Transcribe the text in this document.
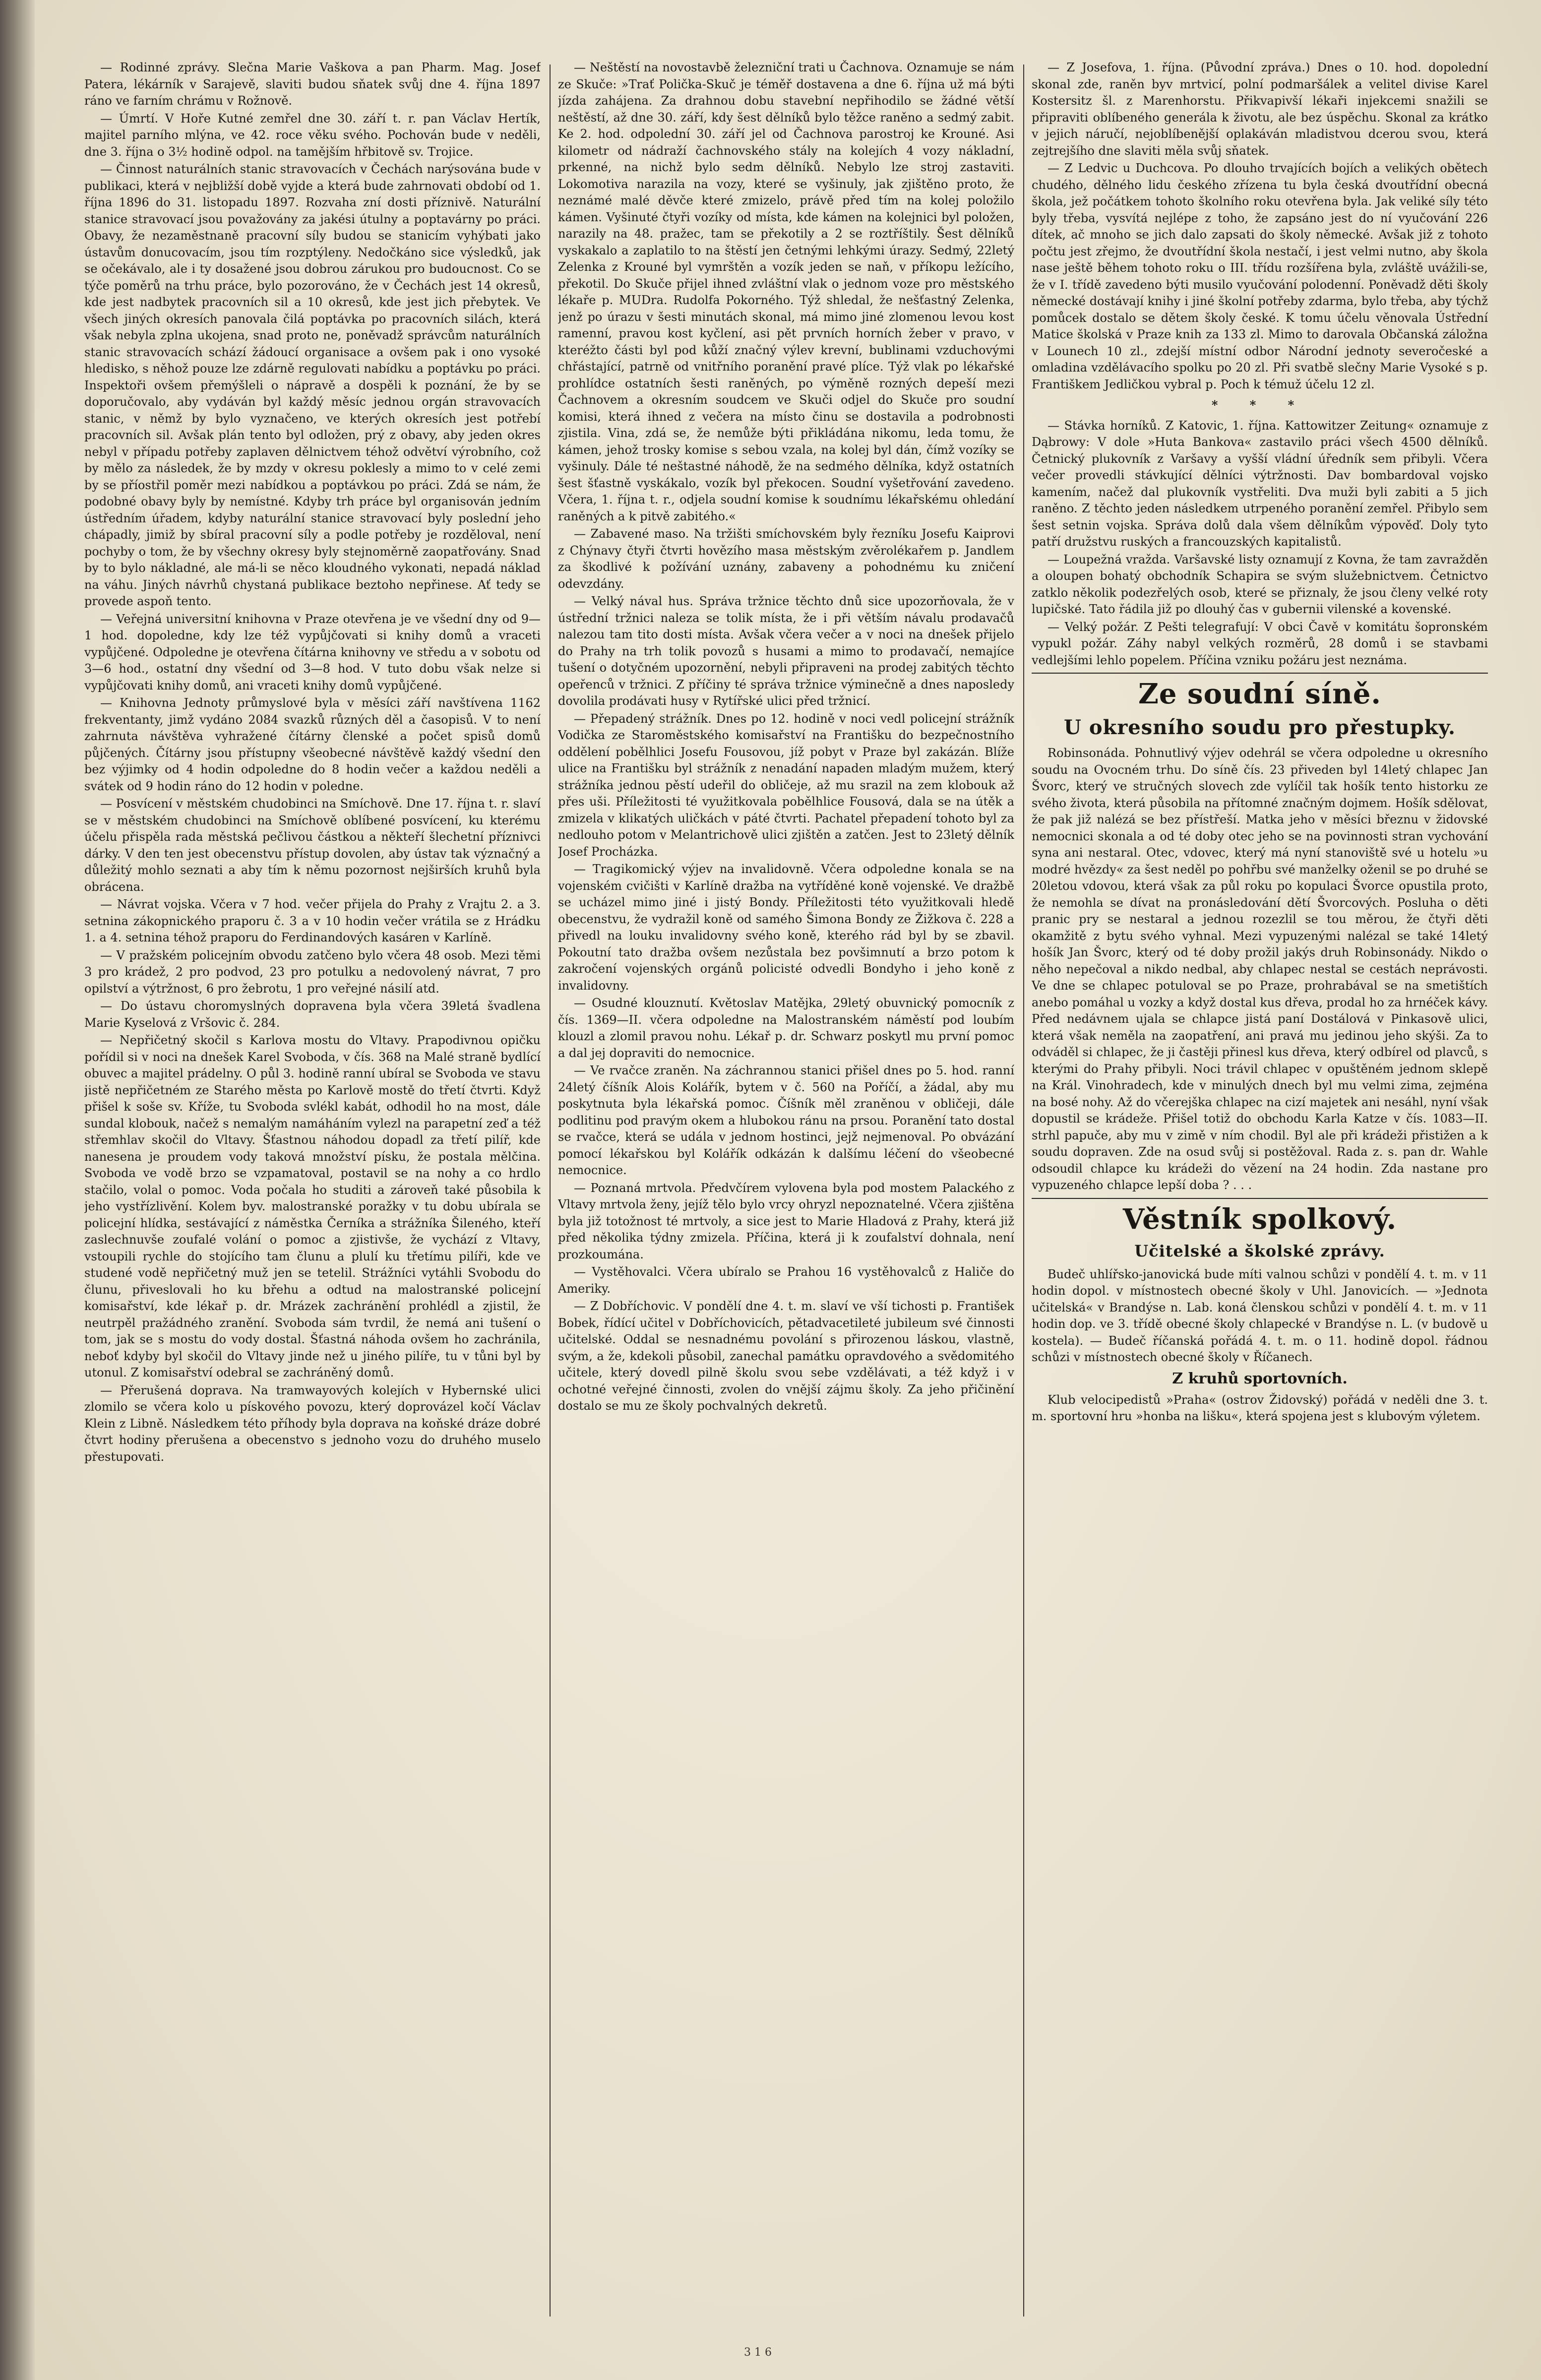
— Rodinné zprávy. Slečna Marie Vaškova a pan Pharm. Mag. Josef Patera, lékárník v Sarajevě, slaviti budou sňatek svůj dne 4. října 1897 ráno ve farním chrámu v Rožnově.

— Úmrtí. V Hoře Kutné zemřel dne 30. září t. r. pan Václav Hertík, majitel parního mlýna, ve 42. roce věku svého. Pochován bude v neděli, dne 3. října o 3½ hodině odpol. na tamějším hřbitově sv. Trojice.

— Činnost naturálních stanic stravovacích v Čechách narýsována bude v publikaci, která v nejbližší době vyjde a která bude zahrnovati období od 1. října 1896 do 31. listopadu 1897. Rozvaha zní dosti příznivě. Naturální stanice stravovací jsou považovány za jakési útulny a poptavárny po práci. Obavy, že nezaměstnaně pracovní síly budou se stanicím vyhýbati jako ústavům donucovacím, jsou tím rozptýleny. Nedočkáno sice výsledků, jak se očekávalo, ale i ty dosažené jsou dobrou zárukou pro budoucnost. Co se týče poměrů na trhu práce, bylo pozorováno, že v Čechách jest 14 okresů, kde jest nadbytek pracovních sil a 10 okresů, kde jest jich přebytek. Ve všech jiných okresích panovala čilá poptávka po pracovních silách, která však nebyla zplna ukojena, snad proto ne, poněvadž správcům naturálních stanic stravovacích schází žádoucí organisace a ovšem pak i ono vysoké hledisko, s něhož pouze lze zdárně regulovati nabídku a poptávku po práci. Inspektoři ovšem přemýšleli o nápravě a dospěli k poznání, že by se doporučovalo, aby vydáván byl každý měsíc jednou orgán stravovacích stanic, v němž by bylo vyznačeno, ve kterých okresích jest potřebí pracovních sil. Avšak plán tento byl odložen, prý z obavy, aby jeden okres nebyl v případu potřeby zaplaven dělnictvem téhož odvětví výrobního, což by mělo za následek, že by mzdy v okresu poklesly a mimo to v celé zemi by se příostřil poměr mezi nabídkou a poptávkou po práci. Zdá se nám, že podobné obavy byly by nemístné. Kdyby trh práce byl organisován jedním ústředním úřadem, kdyby naturální stanice stravovací byly poslední jeho chápadly, jimiž by sbíral pracovní síly a podle potřeby je rozděloval, není pochyby o tom, že by všechny okresy byly stejnoměrně zaopatřovány. Snad by to bylo nákladné, ale má-li se něco kloudného vykonati, nepadá náklad na váhu. Jiných návrhů chystaná publikace beztoho nepřinese. Ať tedy se provede aspoň tento.

— Veřejná universitní knihovna v Praze otevřena je ve všední dny od 9—1 hod. dopoledne, kdy lze též vypůjčovati si knihy domů a vraceti vypůjčené. Odpoledne je otevřena čítárna knihovny ve středu a v sobotu od 3—6 hod., ostatní dny všední od 3—8 hod. V tuto dobu však nelze si vypůjčovati knihy domů, ani vraceti knihy domů vypůjčené.

— Knihovna Jednoty průmyslové byla v měsíci září navštívena 1162 frekventanty, jimž vydáno 2084 svazků různých děl a časopisů. V to není zahrnuta návštěva vyhražené čítárny členské a počet spisů domů půjčených. Čítárny jsou přístupny všeobecné návštěvě každý všední den bez výjimky od 4 hodin odpoledne do 8 hodin večer a každou neděli a svátek od 9 hodin ráno do 12 hodin v poledne.

— Posvícení v městském chudobinci na Smíchově. Dne 17. října t. r. slaví se v městském chudobinci na Smíchově oblíbené posvícení, ku kterému účelu přispěla rada městská pečlivou částkou a někteří šlechetní příznivci dárky. V den ten jest obecenstvu přístup dovolen, aby ústav tak význačný a důležitý mohlo seznati a aby tím k němu pozornost nejširších kruhů byla obrácena.

— Návrat vojska. Včera v 7 hod. večer přijela do Prahy z Vrajtu 2. a 3. setnina zákopnického praporu č. 3 a v 10 hodin večer vrátila se z Hrádku 1. a 4. setnina téhož praporu do Ferdinandových kasáren v Karlíně.

— V pražském policejním obvodu zatčeno bylo včera 48 osob. Mezi těmi 3 pro krádež, 2 pro podvod, 23 pro potulku a nedovolený návrat, 7 pro opilství a výtržnost, 6 pro žebrotu, 1 pro veřejné násilí atd.

— Do ústavu choromyslných dopravena byla včera 39letá švadlena Marie Kyselová z Vršovic č. 284.

— Nepřičetný skočil s Karlova mostu do Vltavy. Prapodivnou opičku pořídil si v noci na dnešek Karel Svoboda, v čís. 368 na Malé straně bydlící obuvec a majitel prádelny. O půl 3. hodině ranní ubíral se Svoboda ve stavu jistě nepřičetném ze Starého města po Karlově mostě do třetí čtvrti. Když přišel k soše sv. Kříže, tu Svoboda svlékl kabát, odhodil ho na most, dále sundal klobouk, načež s nemalým namáháním vylezl na parapetní zeď a též střemhlav skočil do Vltavy. Šťastnou náhodou dopadl za třetí pilíř, kde nanesena je proudem vody taková množství písku, že postala mělčina. Svoboda ve vodě brzo se vzpamatoval, postavil se na nohy a co hrdlo stačilo, volal o pomoc. Voda počala ho studiti a zároveň také působila k jeho vystřízlivění. Kolem byv. malostranské poražky v tu dobu ubírala se policejní hlídka, sestávající z náměstka Černíka a strážníka Šileného, kteří zaslechnuvše zoufalé volání o pomoc a zjistivše, že vychází z Vltavy, vstoupili rychle do stojícího tam člunu a plulí ku třetímu pilíři, kde ve studené vodě nepřičetný muž jen se tetelil. Strážníci vytáhli Svobodu do člunu, přiveslovali ho ku břehu a odtud na malostranské policejní komisařství, kde lékař p. dr. Mrázek zachránění prohlédl a zjistil, že neutrpěl pražádného zranění. Svoboda sám tvrdil, že nemá ani tušení o tom, jak se s mostu do vody dostal. Šťastná náhoda ovšem ho zachránila, neboť kdyby byl skočil do Vltavy jinde než u jiného pilíře, tu v tůni byl by utonul. Z komisařství odebral se zachráněný domů.

— Přerušená doprava. Na tramwayových kolejích v Hybernské ulici zlomilo se včera kolo u pískového povozu, který doprovázel kočí Václav Klein z Libně. Následkem této příhody byla doprava na koňské dráze dobré čtvrt hodiny přerušena a obecenstvo s jednoho vozu do druhého muselo přestupovati.

— Neštěstí na novostavbě železniční trati u Čachnova. Oznamuje se nám ze Skuče: »Trať Polička-Skuč je téměř dostavena a dne 6. října už má býti jízda zahájena. Za drahnou dobu stavební nepřihodilo se žádné větší neštěstí, až dne 30. září, kdy šest dělníků bylo těžce raněno a sedmý zabit. Ke 2. hod. odpolední 30. září jel od Čachnova parostroj ke Krouné. Asi kilometr od nádraží čachnovského stály na kolejích 4 vozy nákladní, prkenné, na nichž bylo sedm dělníků. Nebylo lze stroj zastaviti. Lokomotiva narazila na vozy, které se vyšinuly, jak zjištěno proto, že neznámé malé děvče které zmizelo, právě před tím na kolej položilo kámen. Vyšinuté čtyři vozíky od místa, kde kámen na kolejnici byl položen, narazily na 48. pražec, tam se překotily a 2 se roztříštily. Šest dělníků vyskakalo a zaplatilo to na štěstí jen četnými lehkými úrazy. Sedmý, 22letý Zelenka z Krouné byl vymrštěn a vozík jeden se naň, v příkopu ležícího, překotil. Do Skuče přijel ihned zvláštní vlak o jednom voze pro městského lékaře p. MUDra. Rudolfa Pokorného. Týž shledal, že nešťastný Zelenka, jenž po úrazu v šesti minutách skonal, má mimo jiné zlomenou levou kost ramenní, pravou kost kyčlení, asi pět prvních horních žeber v pravo, v kteréžto části byl pod kůží značný výlev krevní, bublinami vzduchovými chřástající, patrně od vnitřního poranění pravé plíce. Týž vlak po lékařské prohlídce ostatních šesti raněných, po výměně rozných depeší mezi Čachnovem a okresním soudcem ve Skuči odjel do Skuče pro soudní komisi, která ihned z večera na místo činu se dostavila a podrobnosti zjistila. Vina, zdá se, že nemůže býti přikládána nikomu, leda tomu, že kámen, jehož trosky komise s sebou vzala, na kolej byl dán, čímž vozíky se vyšinuly. Dále té neštastné náhodě, že na sedmého dělníka, když ostatních šest šťastně vyskákalo, vozík byl překocen. Soudní vyšetřování zavedeno. Včera, 1. října t. r., odjela soudní komise k soudnímu lékařskému ohledání raněných a k pitvě zabitého.«

— Zabavené maso. Na tržišti smíchovském byly řezníku Josefu Kaiprovi z Chýnavy čtyři čtvrti hovězího masa městským zvěrolékařem p. Jandlem za škodlivé k požívání uznány, zabaveny a pohodnému ku zničení odevzdány.

— Velký nával hus. Správa tržnice těchto dnů sice upozorňovala, že v ústřední tržnici naleza se tolik místa, že i při větším návalu prodavačů nalezou tam tito dosti místa. Avšak včera večer a v noci na dnešek přijelo do Prahy na trh tolik povozů s husami a mimo to prodavačí, nemajíce tušení o dotyčném upozornění, nebyli připraveni na prodej zabitých těchto opeřenců v tržnici. Z příčiny té správa tržnice výminečně a dnes naposledy dovolila prodávati husy v Rytířské ulici před tržnicí.

— Přepadený strážník. Dnes po 12. hodině v noci vedl policejní strážník Vodička ze Staroměstského komisařství na Františku do bezpečnostního oddělení pobělhlici Josefu Fousovou, jíž pobyt v Praze byl zakázán. Blíže ulice na Františku byl strážník z nenadání napaden mladým mužem, který strážníka jednou pěstí udeřil do obličeje, až mu srazil na zem klobouk až přes uši. Příležitosti té využitkovala pobělhlice Fousová, dala se na útěk a zmizela v klikatých uličkách v páté čtvrti. Pachatel přepadení tohoto byl za nedlouho potom v Melantrichově ulici zjištěn a zatčen. Jest to 23letý dělník Josef Procházka.

— Tragikomický výjev na invalidovně. Včera odpoledne konala se na vojenském cvičišti v Karlíně dražba na vytříděné koně vojenské. Ve dražbě se ucházel mimo jiné i jistý Bondy. Příležitosti této využitkovali hledě obecenstvu, že vydražil koně od samého Šimona Bondy ze Žižkova č. 228 a přivedl na louku invalidovny svého koně, kterého rád byl by se zbavil. Pokoutní tato dražba ovšem nezůstala bez povšimnutí a brzo potom k zakročení vojenských orgánů policisté odvedli Bondyho i jeho koně z invalidovny.

— Osudné klouznutí. Květoslav Matějka, 29letý obuvnický pomocník z čís. 1369—II. včera odpoledne na Malostranském náměstí pod loubím klouzl a zlomil pravou nohu. Lékař p. dr. Schwarz poskytl mu první pomoc a dal jej dopraviti do nemocnice.

— Ve rvačce zraněn. Na záchrannou stanici přišel dnes po 5. hod. ranní 24letý číšník Alois Kolářík, bytem v č. 560 na Poříčí, a žádal, aby mu poskytnuta byla lékařská pomoc. Číšník měl zraněnou v obličeji, dále podlitinu pod pravým okem a hlubokou ránu na prsou. Poranění tato dostal se rvačce, která se udála v jednom hostinci, jejž nejmenoval. Po obvázání pomocí lékařskou byl Kolářík odkázán k dalšímu léčení do všeobecné nemocnice.

— Poznaná mrtvola. Předvčírem vylovena byla pod mostem Palackého z Vltavy mrtvola ženy, jejíž tělo bylo vrcy ohryzl nepoznatelné. Včera zjištěna byla již totožnost té mrtvoly, a sice jest to Marie Hladová z Prahy, která již před několika týdny zmizela. Příčina, která ji k zoufalství dohnala, není prozkoumána.

— Vystěhovalci. Včera ubíralo se Prahou 16 vystěhovalců z Haliče do Ameriky.

— Z Dobříchovic. V pondělí dne 4. t. m. slaví ve vší tichosti p. František Bobek, řídící učitel v Dobříchovicích, pětadvacetileté jubileum své činnosti učitelské. Oddal se nesnadnému povolání s přirozenou láskou, vlastně, svým, a že, kdekoli působil, zanechal památku opravdového a svědomitého učitele, který dovedl pilně školu svou sebe vzdělávati, a též když i v ochotné veřejné činnosti, zvolen do vnější zájmu školy. Za jeho přičinění dostalo se mu ze školy pochvalných dekretů.

— Z Josefova, 1. října. (Původní zpráva.) Dnes o 10. hod. dopolední skonal zde, raněn byv mrtvicí, polní podmaršálek a velitel divise Karel Kostersitz šl. z Marenhorstu. Přikvapivší lékaři injekcemi snažili se připraviti oblíbeného generála k životu, ale bez úspěchu. Skonal za krátko v jejich náručí, nejoblíbenější oplakáván mladistvou dcerou svou, která zejtrejšího dne slaviti měla svůj sňatek.

— Z Ledvic u Duchcova. Po dlouho trvajících bojích a velikých obětech chudého, dělného lidu českého zřízena tu byla česká dvoutřídní obecná škola, jež počátkem tohoto školního roku otevřena byla. Jak veliké síly této byly třeba, vysvítá nejlépe z toho, že zapsáno jest do ní vyučování 226 dítek, ač mnoho se jich dalo zapsati do školy německé. Avšak již z tohoto počtu jest zřejmo, že dvoutřídní škola nestačí, i jest velmi nutno, aby škola nase ještě během tohoto roku o III. třídu rozšířena byla, zvláště uvážili-se, že v I. třídě zavedeno býti musilo vyučování polodenní. Poněvadž děti školy německé dostávají knihy i jiné školní potřeby zdarma, bylo třeba, aby týchž pomůcek dostalo se dětem školy české. K tomu účelu věnovala Ústřední Matice školská v Praze knih za 133 zl. Mimo to darovala Občanská záložna v Lounech 10 zl., zdejší místní odbor Národní jednoty severočeské a omladina vzdělávacího spolku po 20 zl. Při svatbě slečny Marie Vysoké s p. Františkem Jedličkou vybral p. Poch k témuž účelu 12 zl.

* * *

— Stávka horníků. Z Katovic, 1. října. Kattowitzer Zeitung« oznamuje z Dąbrowy: V dole »Huta Bankova« zastavilo práci všech 4500 dělníků. Četnický plukovník z Varšavy a vyšší vládní úředník sem přibyli. Včera večer provedli stávkující dělníci výtržnosti. Dav bombardoval vojsko kamením, načež dal plukovník vystřeliti. Dva muži byli zabiti a 5 jich raněno. Z těchto jeden následkem utrpeného poranění zemřel. Přibylo sem šest setnin vojska. Správa dolů dala všem dělníkům výpověď. Doly tyto patří družstvu ruských a francouzských kapitalistů.

— Loupežná vražda. Varšavské listy oznamují z Kovna, že tam zavražděn a oloupen bohatý obchodník Schapira se svým služebnictvem. Četnictvo zatklo několik podezřelých osob, které se přiznaly, že jsou členy velké roty lupičské. Tato řádila již po dlouhý čas v gubernii vilenské a kovenské.

— Velký požár. Z Pešti telegrafují: V obci Čavě v komitátu šopronském vypukl požár. Záhy nabyl velkých rozměrů, 28 domů i se stavbami vedlejšími lehlo popelem. Příčina vzniku požáru jest neznáma.

Ze soudní síně.
U okresního soudu pro přestupky.

Robinsonáda. Pohnutlivý výjev odehrál se včera odpoledne u okresního soudu na Ovocném trhu. Do síně čís. 23 přiveden byl 14letý chlapec Jan Švorc, který ve stručných slovech zde vylíčil tak hošík tento historku ze svého života, která působila na přítomné značným dojmem. Hošík sdělovat, že pak již nalézá se bez přístřeší. Matka jeho v měsíci březnu v židovské nemocnici skonala a od té doby otec jeho se na povinnosti stran vychování syna ani nestaral. Otec, vdovec, který má nyní stanoviště své u hotelu »u modré hvězdy« za šest neděl po pohřbu své manželky oženil se po druhé se 20letou vdovou, která však za půl roku po kopulaci Švorce opustila proto, že nemohla se dívat na pronásledování dětí Švorcových. Posluha o děti pranic pry se nestaral a jednou rozezlil se tou měrou, že čtyři děti okamžitě z bytu svého vyhnal. Mezi vypuzenými nalézal se také 14letý hošík Jan Švorc, který od té doby prožil jakýs druh Robinsonády. Nikdo o něho nepečoval a nikdo nedbal, aby chlapec nestal se cestách neprávosti. Ve dne se chlapec potuloval se po Praze, prohrabával se na smetištích anebo pomáhal u vozky a když dostal kus dřeva, prodal ho za hrnéček kávy. Před nedávnem ujala se chlapce jistá paní Dostálová v Pinkasově ulici, která však neměla na zaopatření, ani pravá mu jedinou jeho skýši. Za to odváděl si chlapec, že ji častěji přinesl kus dřeva, který odbírel od plavců, s kterými do Prahy přibyli. Noci trávil chlapec v opuštěném jednom sklepě na Král. Vinohradech, kde v minulých dnech byl mu velmi zima, zejména na bosé nohy. Až do včerejška chlapec na cizí majetek ani nesáhl, nyní však dopustil se krádeže. Přišel totiž do obchodu Karla Katze v čís. 1083—II. strhl papuče, aby mu v zimě v ním chodil. Byl ale při krádeži přistižen a k soudu dopraven. Zde na osud svůj si postěžoval. Rada z. s. pan dr. Wahle odsoudil chlapce ku krádeži do vězení na 24 hodin. Zda nastane pro vypuzeného chlapce lepší doba ? . . .

Věstník spolkový.
Učitelské a školské zprávy.

Budeč uhlířsko-janovická bude míti valnou schůzi v pondělí 4. t. m. v 11 hodin dopol. v místnostech obecné školy v Uhl. Janovicích. — »Jednota učitelská« v Brandýse n. Lab. koná členskou schůzi v pondělí 4. t. m. v 11 hodin dop. ve 3. třídě obecné školy chlapecké v Brandýse n. L. (v budově u kostela). — Budeč říčanská pořádá 4. t. m. o 11. hodině dopol. řádnou schůzi v místnostech obecné školy v Říčanech.

Z kruhů sportovních.

Klub velocipedistů »Praha« (ostrov Židovský) pořádá v neděli dne 3. t. m. sportovní hru »honba na lišku«, která spojena jest s klubovým výletem.

3 1 6
